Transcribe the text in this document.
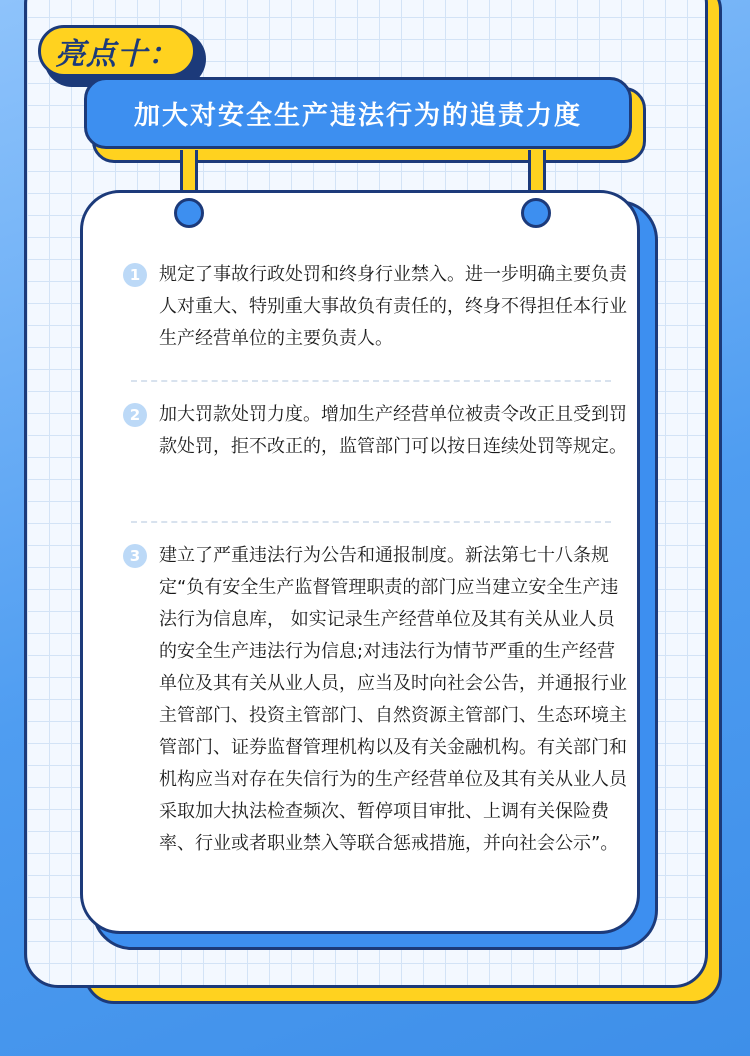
亮点十：
加大对安全生产违法行为的追责力度
1	规定了事故行政处罚和终身行业禁入。进一步明确主要负责人对重大、特别重大事故负有责任的，终身不得担任本行业生产经营单位的主要负责人。
2	加大罚款处罚力度。增加生产经营单位被责令改正且受到罚款处罚，拒不改正的，监管部门可以按日连续处罚等规定。
3	建立了严重违法行为公告和通报制度。新法第七十八条规定“负有安全生产监督管理职责的部门应当建立安全生产违法行为信息库， 如实记录生产经营单位及其有关从业人员的安全生产违法行为信息;对违法行为情节严重的生产经营单位及其有关从业人员，应当及时向社会公告，并通报行业主管部门、投资主管部门、自然资源主管部门、生态环境主管部门、证券监督管理机构以及有关金融机构。有关部门和机构应当对存在失信行为的生产经营单位及其有关从业人员采取加大执法检查频次、暂停项目审批、上调有关保险费率、行业或者职业禁入等联合惩戒措施，并向社会公示”。
